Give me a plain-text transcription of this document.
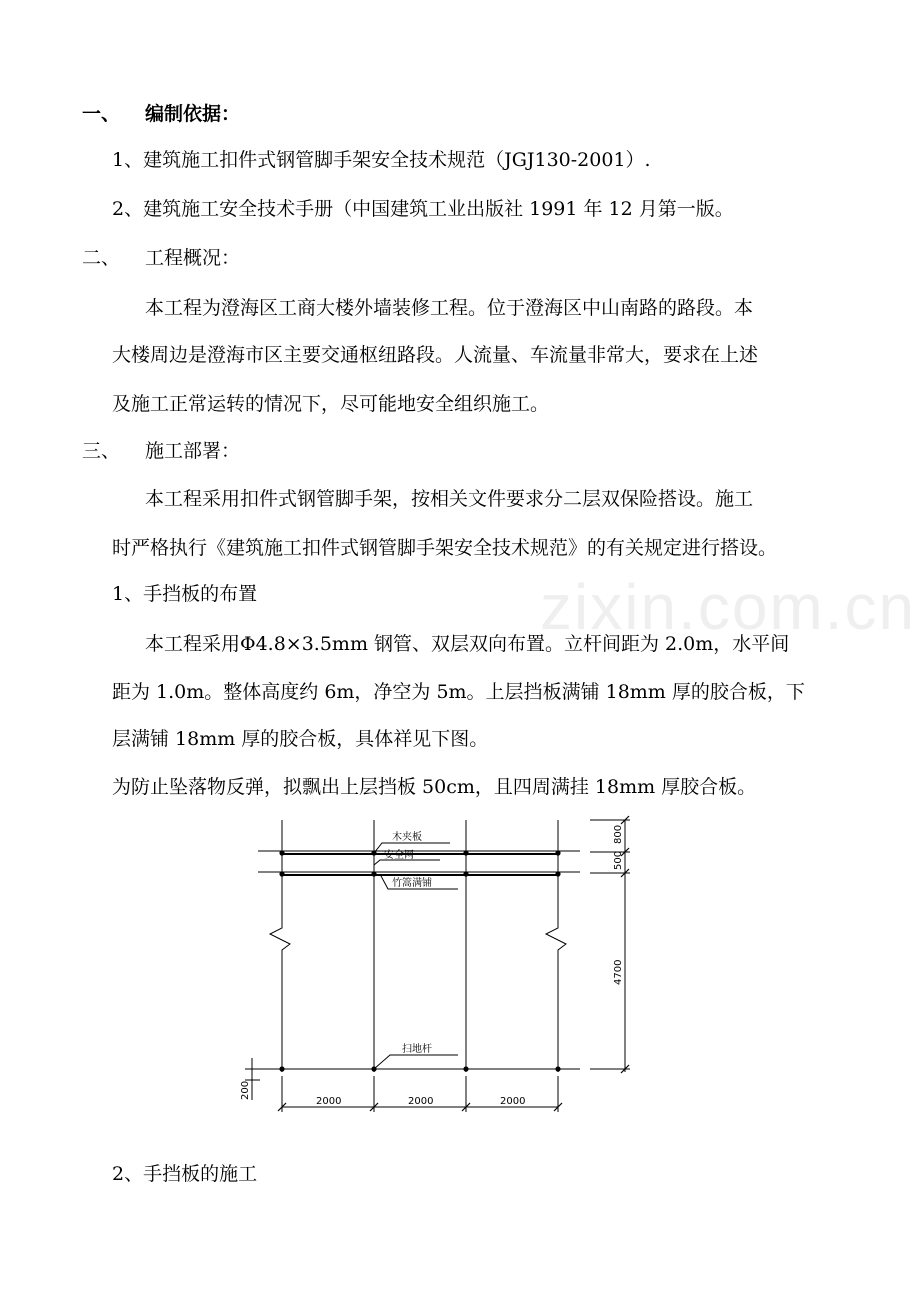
zixin.com.cn
一、 编制依据：
1、建筑施工扣件式钢管脚手架安全技术规范（JGJ130-2001）.
2、建筑施工安全技术手册（中国建筑工业出版社 1991 年 12 月第一版。
二、 工程概况：
本工程为澄海区工商大楼外墙装修工程。位于澄海区中山南路的路段。本
大楼周边是澄海市区主要交通枢纽路段。人流量、车流量非常大，要求在上述
及施工正常运转的情况下，尽可能地安全组织施工。
三、 施工部署：
本工程采用扣件式钢管脚手架，按相关文件要求分二层双保险搭设。施工
时严格执行《建筑施工扣件式钢管脚手架安全技术规范》的有关规定进行搭设。
1、手挡板的布置
本工程采用Φ4.8×3.5mm 钢管、双层双向布置。立杆间距为 2.0m，水平间
距为 1.0m。整体高度约 6m，净空为 5m。上层挡板满铺 18mm 厚的胶合板，下
层满铺 18mm 厚的胶合板，具体祥见下图。
为防止坠落物反弹，拟飘出上层挡板 50cm，且四周满挂 18mm 厚胶合板。
木夹板
安全网
竹篙满铺
扫地杆
800
500
4700
200
2000	2000	2000
2、手挡板的施工
